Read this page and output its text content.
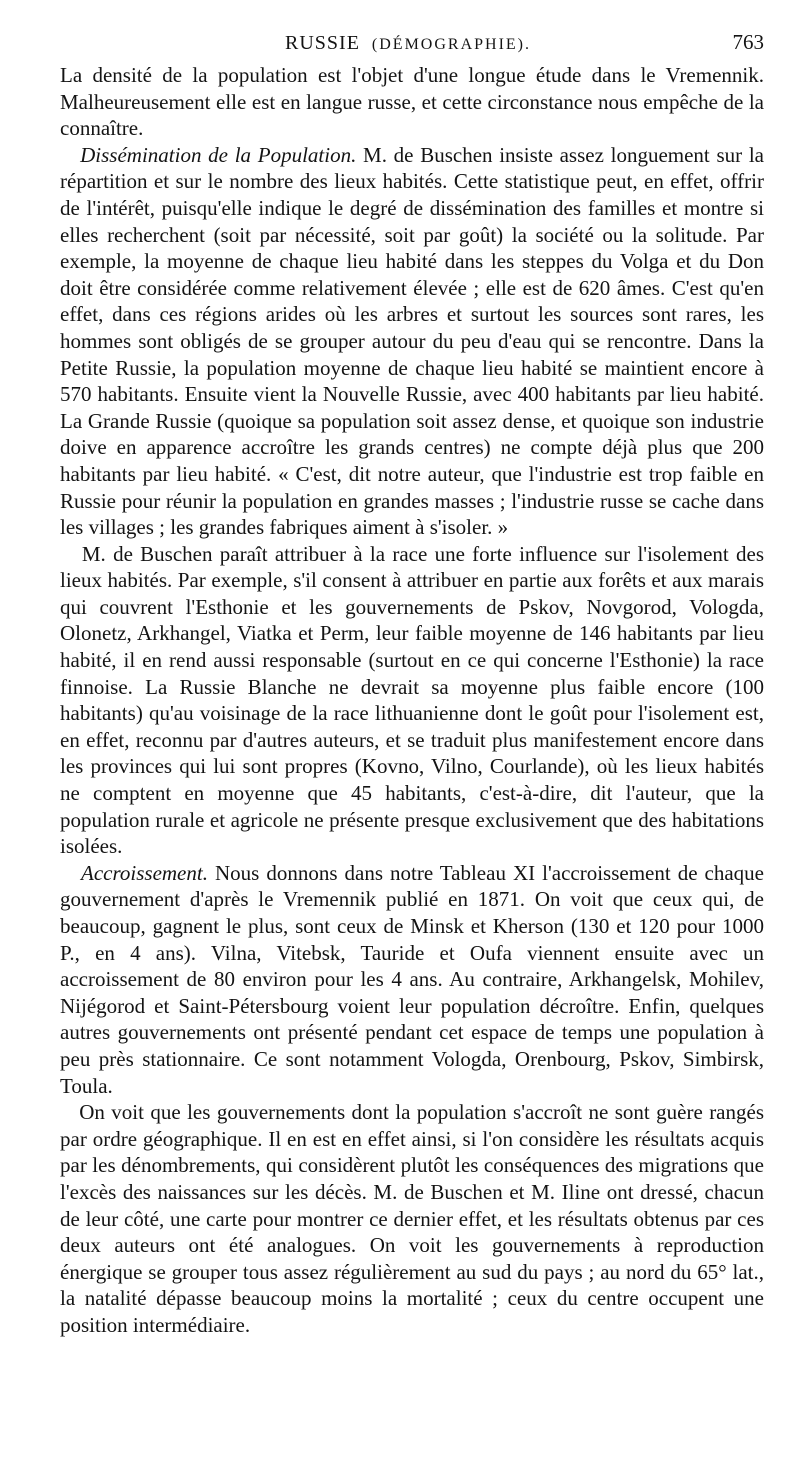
RUSSIE (DÉMOGRAPHIE).	763

La densité de la population est l'objet d'une longue étude dans le Vremennik. Malheureusement elle est en langue russe, et cette circonstance nous empêche de la connaître.

Dissémination de la Population. M. de Buschen insiste assez longuement sur la répartition et sur le nombre des lieux habités. Cette statistique peut, en effet, offrir de l'intérêt, puisqu'elle indique le degré de dissémination des familles et montre si elles recherchent (soit par nécessité, soit par goût) la société ou la solitude. Par exemple, la moyenne de chaque lieu habité dans les steppes du Volga et du Don doit être considérée comme relativement élevée ; elle est de 620 âmes. C'est qu'en effet, dans ces régions arides où les arbres et surtout les sources sont rares, les hommes sont obligés de se grouper autour du peu d'eau qui se rencontre. Dans la Petite Russie, la population moyenne de chaque lieu habité se maintient encore à 570 habitants. Ensuite vient la Nouvelle Russie, avec 400 habitants par lieu habité. La Grande Russie (quoique sa population soit assez dense, et quoique son industrie doive en apparence accroître les grands centres) ne compte déjà plus que 200 habitants par lieu habité. « C'est, dit notre auteur, que l'industrie est trop faible en Russie pour réunir la population en grandes masses ; l'industrie russe se cache dans les villages ; les grandes fabriques aiment à s'isoler. »

M. de Buschen paraît attribuer à la race une forte influence sur l'isolement des lieux habités. Par exemple, s'il consent à attribuer en partie aux forêts et aux marais qui couvrent l'Esthonie et les gouvernements de Pskov, Novgorod, Vologda, Olonetz, Arkhangel, Viatka et Perm, leur faible moyenne de 146 habitants par lieu habité, il en rend aussi responsable (surtout en ce qui concerne l'Esthonie) la race finnoise. La Russie Blanche ne devrait sa moyenne plus faible encore (100 habitants) qu'au voisinage de la race lithuanienne dont le goût pour l'isolement est, en effet, reconnu par d'autres auteurs, et se traduit plus manifestement encore dans les provinces qui lui sont propres (Kovno, Vilno, Courlande), où les lieux habités ne comptent en moyenne que 45 habitants, c'est-à-dire, dit l'auteur, que la population rurale et agricole ne présente presque exclusivement que des habitations isolées.

Accroissement. Nous donnons dans notre Tableau XI l'accroissement de chaque gouvernement d'après le Vremennik publié en 1871. On voit que ceux qui, de beaucoup, gagnent le plus, sont ceux de Minsk et Kherson (130 et 120 pour 1000 P., en 4 ans). Vilna, Vitebsk, Tauride et Oufa viennent ensuite avec un accroissement de 80 environ pour les 4 ans. Au contraire, Arkhangelsk, Mohilev, Nijégorod et Saint-Pétersbourg voient leur population décroître. Enfin, quelques autres gouvernements ont présenté pendant cet espace de temps une population à peu près stationnaire. Ce sont notamment Vologda, Orenbourg, Pskov, Simbirsk, Toula.

On voit que les gouvernements dont la population s'accroît ne sont guère rangés par ordre géographique. Il en est en effet ainsi, si l'on considère les résultats acquis par les dénombrements, qui considèrent plutôt les conséquences des migrations que l'excès des naissances sur les décès. M. de Buschen et M. Iline ont dressé, chacun de leur côté, une carte pour montrer ce dernier effet, et les résultats obtenus par ces deux auteurs ont été analogues. On voit les gouvernements à reproduction énergique se grouper tous assez régulièrement au sud du pays ; au nord du 65° lat., la natalité dépasse beaucoup moins la mortalité ; ceux du centre occupent une position intermédiaire.
